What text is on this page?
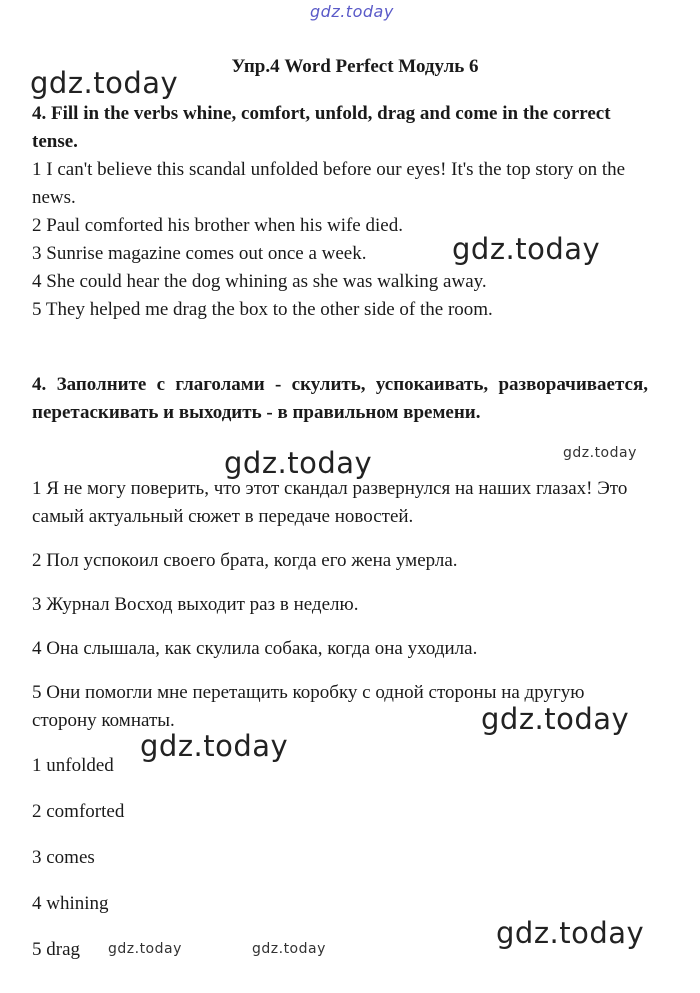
gdz.today
gdz.today
gdz.today
gdz.today	gdz.today
gdz.today
gdz.today
gdz.today
gdz.today	gdz.today
Упр.4 Word Perfect Модуль 6

4. Fill in the verbs whine, comfort, unfold, drag and come in the correct tense.

1 I can't believe this scandal unfolded before our eyes! It's the top story on the news.

2 Paul comforted his brother when his wife died.

3 Sunrise magazine comes out once a week.

4 She could hear the dog whining as she was walking away.

5 They helped me drag the box to the other side of the room.

4. Заполните с глаголами - скулить, успокаивать, разворачивается, перетаскивать и выходить - в правильном времени.

1 Я не могу поверить, что этот скандал развернулся на наших глазах! Это самый актуальный сюжет в передаче новостей.

2 Пол успокоил своего брата, когда его жена умерла.

3 Журнал Восход выходит раз в неделю.

4 Она слышала, как скулила собака, когда она уходила.

5 Они помогли мне перетащить коробку с одной стороны на другую сторону комнаты.

1 unfolded

2 comforted

3 comes

4 whining

5 drag
